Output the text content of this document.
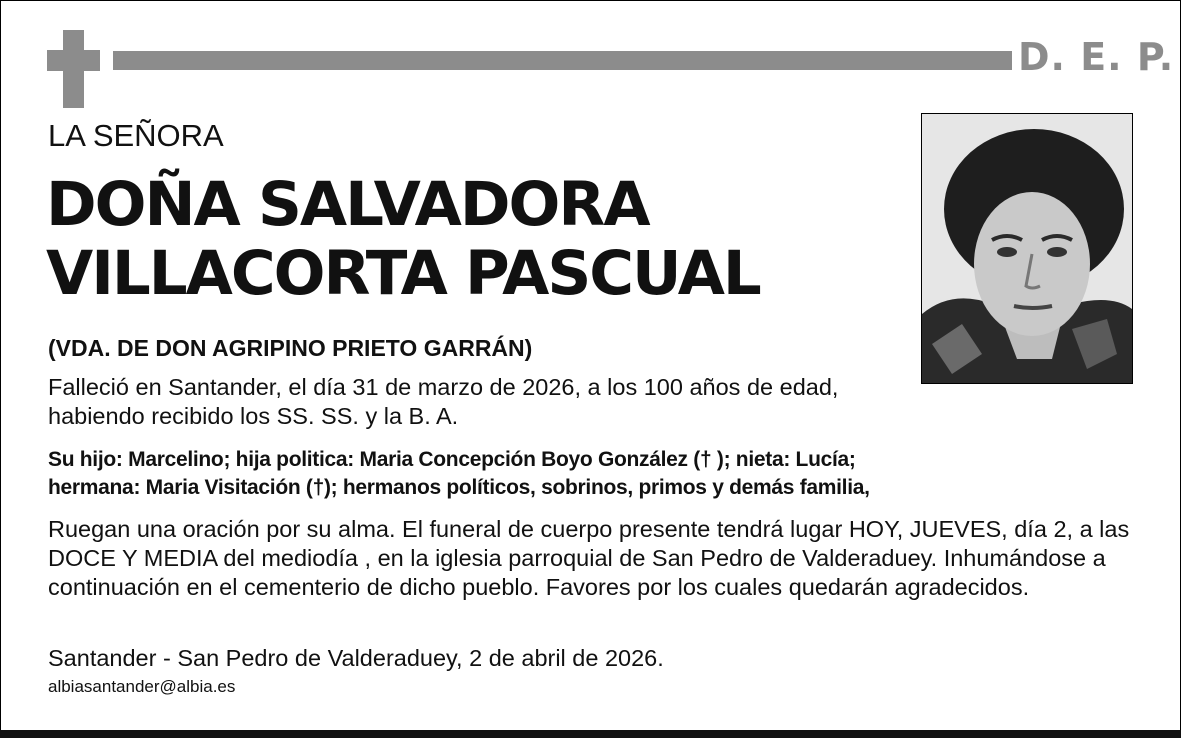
D. E. P.
LA SEÑORA
DOÑA SALVADORA
VILLACORTA PASCUAL
(VDA. DE DON AGRIPINO PRIETO GARRÁN)
Falleció en Santander, el día 31 de marzo de 2026, a los 100 años de edad, habiendo recibido los SS. SS. y la B. A.
Su hijo: Marcelino; hija politica: Maria Concepción Boyo González († ); nieta: Lucía;
hermana: Maria Visitación (†); hermanos políticos, sobrinos, primos y demás familia,
Ruegan una oración por su alma. El funeral de cuerpo presente tendrá lugar HOY, JUEVES, día 2, a las DOCE Y MEDIA del mediodía , en la iglesia parroquial de San Pedro de Valderaduey. Inhumándose a continuación en el cementerio de dicho pueblo. Favores por los cuales quedarán agradecidos.
Santander - San Pedro de Valderaduey, 2 de abril de 2026.
albiasantander@albia.es
